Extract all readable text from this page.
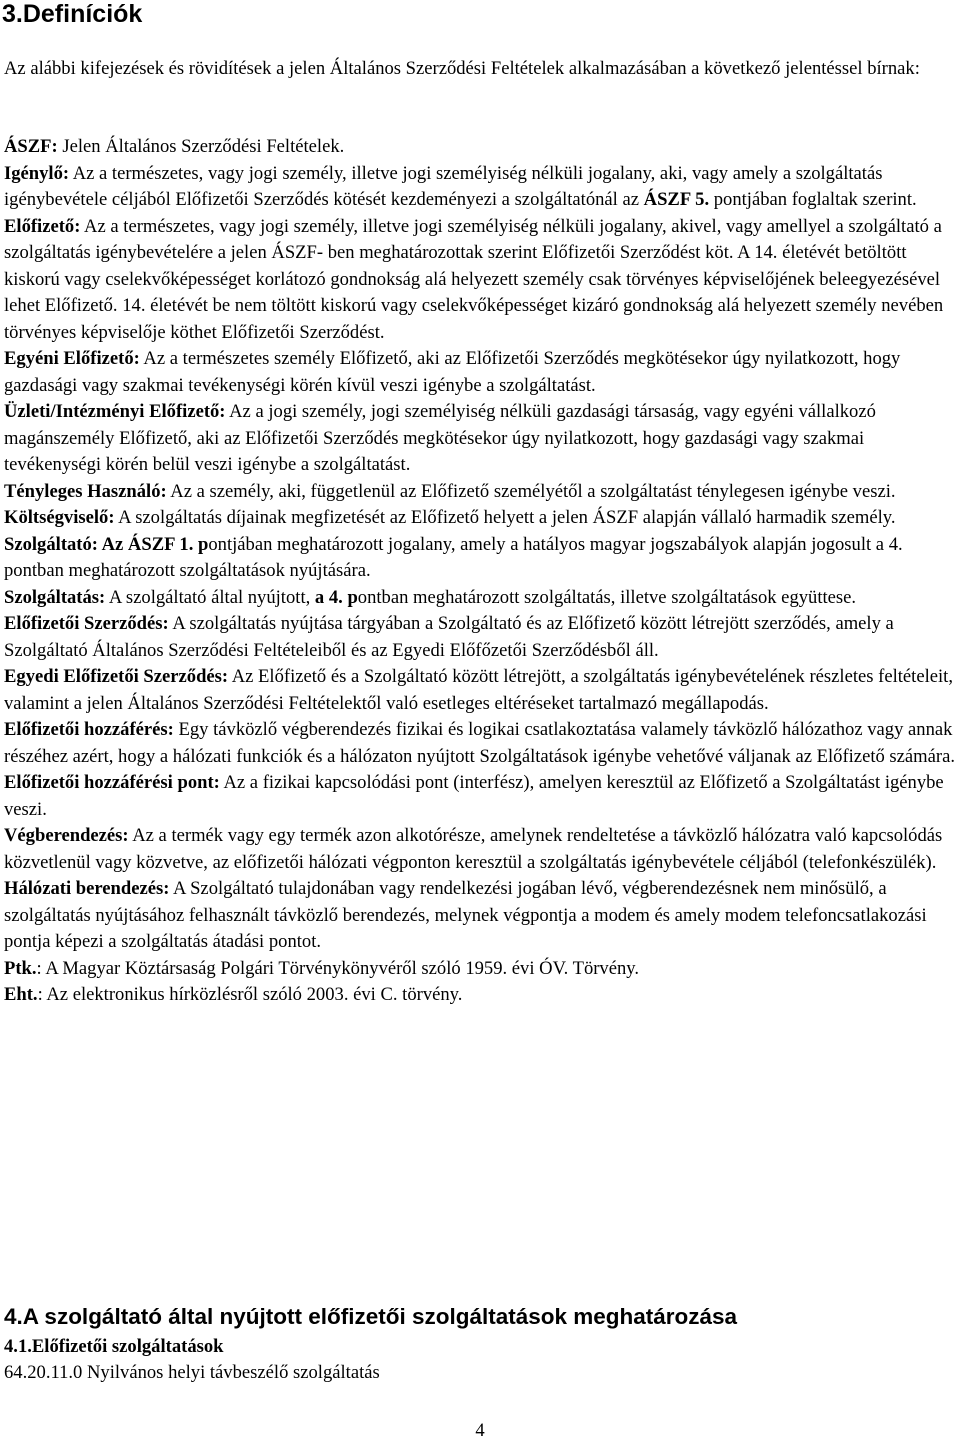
3.Definíciók
Az alábbi kifejezések és rövidítések a jelen Általános Szerződési Feltételek alkalmazásában a következő jelentéssel bírnak:

ÁSZF: Jelen Általános Szerződési Feltételek.

Igénylő: Az a természetes, vagy jogi személy, illetve jogi személyiség nélküli jogalany, aki, vagy amely a szolgáltatás igénybevétele céljából Előfizetői Szerződés kötését kezdeményezi a szolgáltatónál az ÁSZF 5. pontjában foglaltak szerint.

Előfizető: Az a természetes, vagy jogi személy, illetve jogi személyiség nélküli jogalany, akivel, vagy amellyel a szolgáltató a szolgáltatás igénybevételére a jelen ÁSZF- ben meghatározottak szerint Előfizetői Szerződést köt. A 14. életévét betöltött kiskorú vagy cselekvőképességet korlátozó gondnokság alá helyezett személy csak törvényes képviselőjének beleegyezésével lehet Előfizető. 14. életévét be nem töltött kiskorú vagy cselekvőképességet kizáró gondnokság alá helyezett személy nevében törvényes képviselője köthet Előfizetői Szerződést.

Egyéni Előfizető: Az a természetes személy Előfizető, aki az Előfizetői Szerződés megkötésekor úgy nyilatkozott, hogy gazdasági vagy szakmai tevékenységi körén kívül veszi igénybe a szolgáltatást.

Üzleti/Intézményi Előfizető: Az a jogi személy, jogi személyiség nélküli gazdasági társaság, vagy egyéni vállalkozó magánszemély Előfizető, aki az Előfizetői Szerződés megkötésekor úgy nyilatkozott, hogy gazdasági vagy szakmai tevékenységi körén belül veszi igénybe a szolgáltatást.

Tényleges Használó: Az a személy, aki, függetlenül az Előfizető személyétől a szolgáltatást ténylegesen igénybe veszi.

Költségviselő: A szolgáltatás díjainak megfizetését az Előfizető helyett a jelen ÁSZF alapján vállaló harmadik személy.

Szolgáltató: Az ÁSZF 1. pontjában meghatározott jogalany, amely a hatályos magyar jogszabályok alapján jogosult a 4. pontban meghatározott szolgáltatások nyújtására.

Szolgáltatás: A szolgáltató által nyújtott, a 4. pontban meghatározott szolgáltatás, illetve szolgáltatások együttese.

Előfizetői Szerződés: A szolgáltatás nyújtása tárgyában a Szolgáltató és az Előfizető között létrejött szerződés, amely a Szolgáltató Általános Szerződési Feltételeiből és az Egyedi Előfőzetői Szerződésből áll.

Egyedi Előfizetői Szerződés: Az Előfizető és a Szolgáltató között létrejött, a szolgáltatás igénybevételének részletes feltételeit, valamint a jelen Általános Szerződési Feltételektől való esetleges eltéréseket tartalmazó megállapodás.

Előfizetői hozzáférés: Egy távközlő végberendezés fizikai és logikai csatlakoztatása valamely távközlő hálózathoz vagy annak részéhez azért, hogy a hálózati funkciók és a hálózaton nyújtott Szolgáltatások igénybe vehetővé váljanak az Előfizető számára.

Előfizetői hozzáférési pont: Az a fizikai kapcsolódási pont (interfész), amelyen keresztül az Előfizető a Szolgáltatást igénybe veszi.

Végberendezés: Az a termék vagy egy termék azon alkotórésze, amelynek rendeltetése a távközlő hálózatra való kapcsolódás közvetlenül vagy közvetve, az előfizetői hálózati végponton keresztül a szolgáltatás igénybevétele céljából (telefonkészülék).

Hálózati berendezés: A Szolgáltató tulajdonában vagy rendelkezési jogában lévő, végberendezésnek nem minősülő, a szolgáltatás nyújtásához felhasznált távközlő berendezés, melynek végpontja a modem és amely modem telefoncsatlakozási pontja képezi a szolgáltatás átadási pontot.

Ptk.: A Magyar Köztársaság Polgári Törvénykönyvéről szóló 1959. évi ÓV. Törvény.

Eht.: Az elektronikus hírközlésről szóló 2003. évi C. törvény.

4.A szolgáltató által nyújtott előfizetői szolgáltatások meghatározása
4.1.Előfizetői szolgáltatások
64.20.11.0 Nyilvános helyi távbeszélő szolgáltatás
4
